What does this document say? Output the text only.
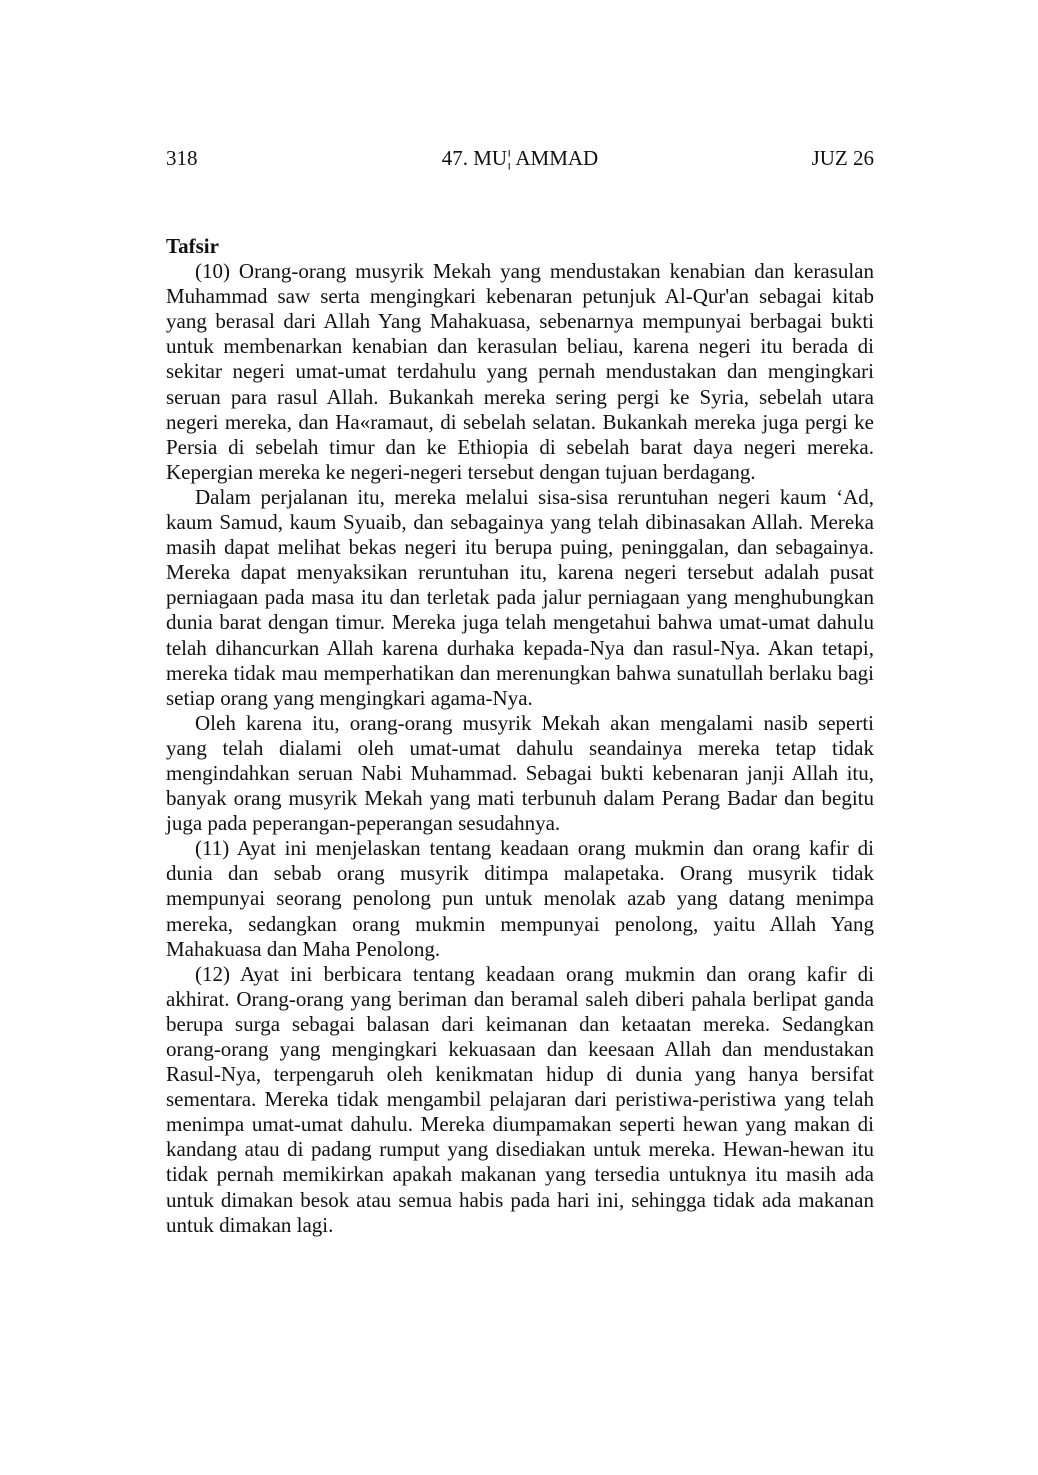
318	47. MU¦ AMMAD	JUZ 26

Tafsir

(10) Orang-orang musyrik Mekah yang mendustakan kenabian dan kerasulan Muhammad saw serta mengingkari kebenaran petunjuk Al-Qur'an sebagai kitab yang berasal dari Allah Yang Mahakuasa, sebenarnya mempunyai berbagai bukti untuk membenarkan kenabian dan kerasulan beliau, karena negeri itu berada di sekitar negeri umat-umat terdahulu yang pernah mendustakan dan mengingkari seruan para rasul Allah. Bukankah mereka sering pergi ke Syria, sebelah utara negeri mereka, dan Ha«ramaut, di sebelah selatan. Bukankah mereka juga pergi ke Persia di sebelah timur dan ke Ethiopia di sebelah barat daya negeri mereka. Kepergian mereka ke negeri-negeri tersebut dengan tujuan berdagang.

Dalam perjalanan itu, mereka melalui sisa-sisa reruntuhan negeri kaum ‘Ad, kaum Samud, kaum Syuaib, dan sebagainya yang telah dibinasakan Allah. Mereka masih dapat melihat bekas negeri itu berupa puing, peninggalan, dan sebagainya. Mereka dapat menyaksikan reruntuhan itu, karena negeri tersebut adalah pusat perniagaan pada masa itu dan terletak pada jalur perniagaan yang menghubungkan dunia barat dengan timur. Mereka juga telah mengetahui bahwa umat-umat dahulu telah dihancurkan Allah karena durhaka kepada-Nya dan rasul-Nya. Akan tetapi, mereka tidak mau memperhatikan dan merenungkan bahwa sunatullah berlaku bagi setiap orang yang mengingkari agama-Nya.

Oleh karena itu, orang-orang musyrik Mekah akan mengalami nasib seperti yang telah dialami oleh umat-umat dahulu seandainya mereka tetap tidak mengindahkan seruan Nabi Muhammad. Sebagai bukti kebenaran janji Allah itu, banyak orang musyrik Mekah yang mati terbunuh dalam Perang Badar dan begitu juga pada peperangan-peperangan sesudahnya.

(11) Ayat ini menjelaskan tentang keadaan orang mukmin dan orang kafir di dunia dan sebab orang musyrik ditimpa malapetaka. Orang musyrik tidak mempunyai seorang penolong pun untuk menolak azab yang datang menimpa mereka, sedangkan orang mukmin mempunyai penolong, yaitu Allah Yang Mahakuasa dan Maha Penolong.

(12) Ayat ini berbicara tentang keadaan orang mukmin dan orang kafir di akhirat. Orang-orang yang beriman dan beramal saleh diberi pahala berlipat ganda berupa surga sebagai balasan dari keimanan dan ketaatan mereka. Sedangkan orang-orang yang mengingkari kekuasaan dan keesaan Allah dan mendustakan Rasul-Nya, terpengaruh oleh kenikmatan hidup di dunia yang hanya bersifat sementara. Mereka tidak mengambil pelajaran dari peristiwa-peristiwa yang telah menimpa umat-umat dahulu. Mereka diumpamakan seperti hewan yang makan di kandang atau di padang rumput yang disediakan untuk mereka. Hewan-hewan itu tidak pernah memikirkan apakah makanan yang tersedia untuknya itu masih ada untuk dimakan besok atau semua habis pada hari ini, sehingga tidak ada makanan untuk dimakan lagi.
